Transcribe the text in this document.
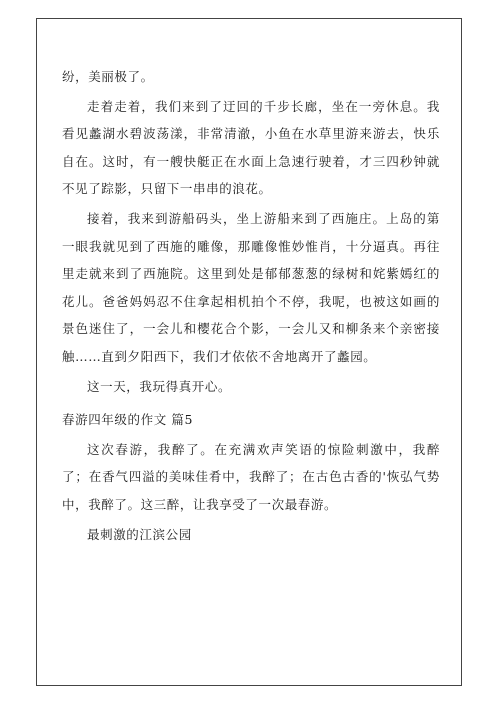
纷，美丽极了。

走着走着，我们来到了迂回的千步长廊，坐在一旁休息。我看见蠡湖水碧波荡漾，非常清澈，小鱼在水草里游来游去，快乐自在。这时，有一艘快艇正在水面上急速行驶着，才三四秒钟就不见了踪影，只留下一串串的浪花。

接着，我来到游船码头，坐上游船来到了西施庄。上岛的第一眼我就见到了西施的雕像，那雕像惟妙惟肖，十分逼真。再往里走就来到了西施院。这里到处是郁郁葱葱的绿树和姹紫嫣红的花儿。爸爸妈妈忍不住拿起相机拍个不停，我呢，也被这如画的景色迷住了，一会儿和樱花合个影，一会儿又和柳条来个亲密接触……直到夕阳西下，我们才依依不舍地离开了蠡园。

这一天，我玩得真开心。

春游四年级的作文 篇5

这次春游，我醉了。在充满欢声笑语的惊险刺激中，我醉了；在香气四溢的美味佳肴中，我醉了；在古色古香的'恢弘气势中，我醉了。这三醉，让我享受了一次最春游。

最刺激的江滨公园
